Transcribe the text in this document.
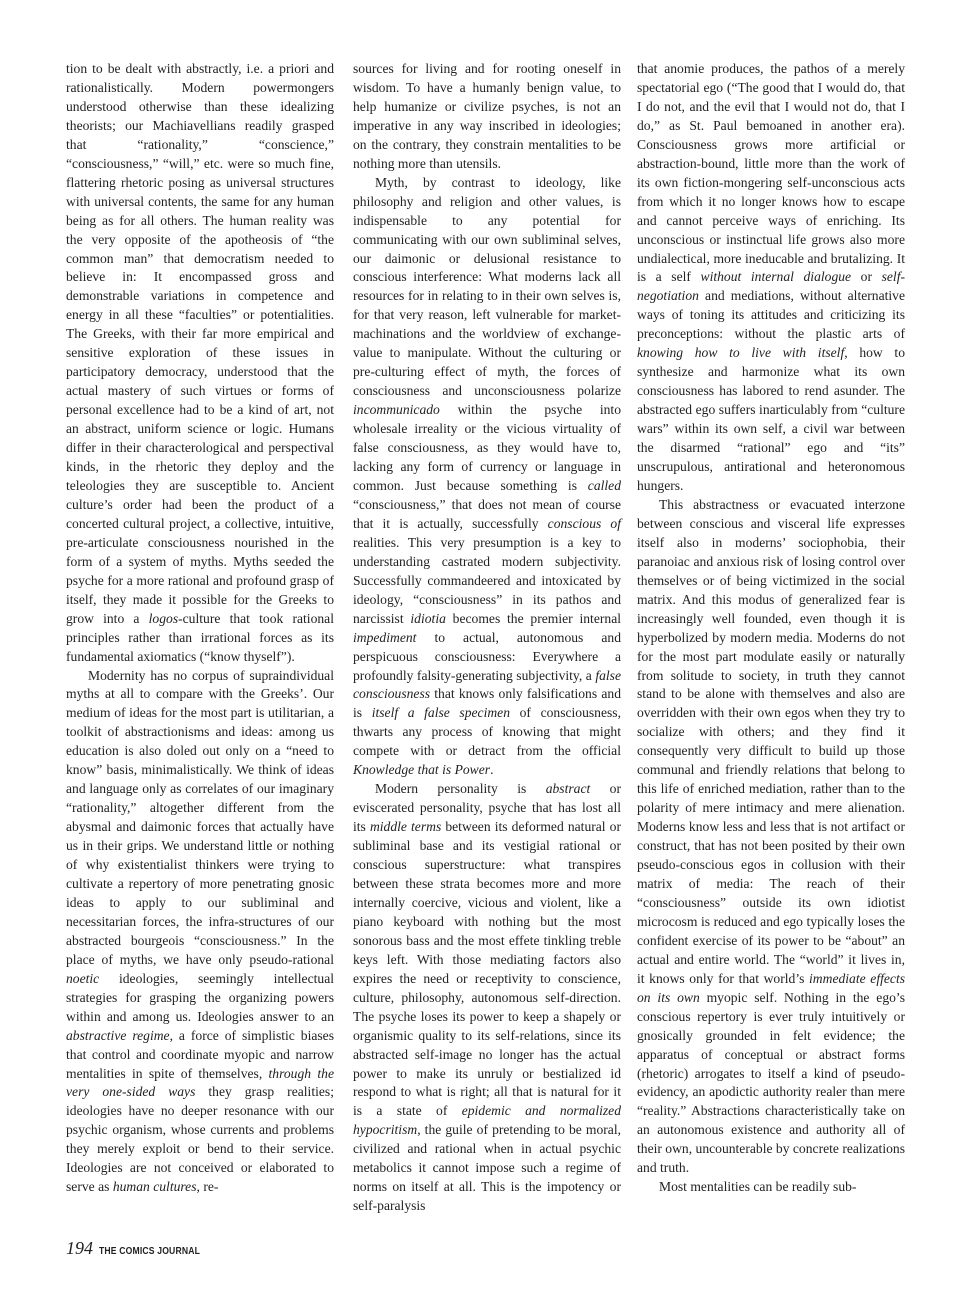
tion to be dealt with abstractly, i.e. a priori and rationalistically. Modern powermongers understood otherwise than these idealizing theorists; our Machiavellians readily grasped that “rationality,” “conscience,” “consciousness,” “will,” etc. were so much fine, flattering rhetoric posing as universal structures with universal contents, the same for any human being as for all others. The human reality was the very opposite of the apotheosis of “the common man” that democratism needed to believe in: It encompassed gross and demonstrable variations in competence and energy in all these “faculties” or potentialities. The Greeks, with their far more empirical and sensitive exploration of these issues in participatory democracy, understood that the actual mastery of such virtues or forms of personal excellence had to be a kind of art, not an abstract, uniform science or logic. Humans differ in their characterological and perspectival kinds, in the rhetoric they deploy and the teleologies they are susceptible to. Ancient culture’s order had been the product of a concerted cultural project, a collective, intuitive, pre-articulate consciousness nourished in the form of a system of myths. Myths seeded the psyche for a more rational and profound grasp of itself, they made it possible for the Greeks to grow into a logos-culture that took rational principles rather than irrational forces as its fundamental axiomatics (“know thyself”).

Modernity has no corpus of supraindividual myths at all to compare with the Greeks’. Our medium of ideas for the most part is utilitarian, a toolkit of abstractionisms and ideas: among us education is also doled out only on a “need to know” basis, minimalistically. We think of ideas and language only as correlates of our imaginary “rationality,” altogether different from the abysmal and daimonic forces that actually have us in their grips. We understand little or nothing of why existentialist thinkers were trying to cultivate a repertory of more penetrating gnosic ideas to apply to our subliminal and necessitarian forces, the infra-structures of our abstracted bourgeois “consciousness.” In the place of myths, we have only pseudo-rational noetic ideologies, seemingly intellectual strategies for grasping the organizing powers within and among us. Ideologies answer to an abstractive regime, a force of simplistic biases that control and coordinate myopic and narrow mentalities in spite of themselves, through the very one-sided ways they grasp realities; ideologies have no deeper resonance with our psychic organism, whose currents and problems they merely exploit or bend to their service. Ideologies are not conceived or elaborated to serve as human cultures, re-

sources for living and for rooting oneself in wisdom. To have a humanly benign value, to help humanize or civilize psyches, is not an imperative in any way inscribed in ideologies; on the contrary, they constrain mentalities to be nothing more than utensils.

Myth, by contrast to ideology, like philosophy and religion and other values, is indispensable to any potential for communicating with our own subliminal selves, our daimonic or delusional resistance to conscious interference: What moderns lack all resources for in relating to in their own selves is, for that very reason, left vulnerable for market-machinations and the worldview of exchange-value to manipulate. Without the culturing or pre-culturing effect of myth, the forces of consciousness and unconsciousness polarize incommunicado within the psyche into wholesale irreality or the vicious virtuality of false consciousness, as they would have to, lacking any form of currency or language in common. Just because something is called “consciousness,” that does not mean of course that it is actually, successfully conscious of realities. This very presumption is a key to understanding castrated modern subjectivity. Successfully commandeered and intoxicated by ideology, “consciousness” in its pathos and narcissist idiotia becomes the premier internal impediment to actual, autonomous and perspicuous consciousness: Everywhere a profoundly falsity-generating subjectivity, a false consciousness that knows only falsifications and is itself a false specimen of consciousness, thwarts any process of knowing that might compete with or detract from the official Knowledge that is Power.

Modern personality is abstract or eviscerated personality, psyche that has lost all its middle terms between its deformed natural or subliminal base and its vestigial rational or conscious superstructure: what transpires between these strata becomes more and more internally coercive, vicious and violent, like a piano keyboard with nothing but the most sonorous bass and the most effete tinkling treble keys left. With those mediating factors also expires the need or receptivity to conscience, culture, philosophy, autonomous self-direction. The psyche loses its power to keep a shapely or organismic quality to its self-relations, since its abstracted self-image no longer has the actual power to make its unruly or bestialized id respond to what is right; all that is natural for it is a state of epidemic and normalized hypocritism, the guile of pretending to be moral, civilized and rational when in actual psychic metabolics it cannot impose such a regime of norms on itself at all. This is the impotency or self-paralysis

that anomie produces, the pathos of a merely spectatorial ego (“The good that I would do, that I do not, and the evil that I would not do, that I do,” as St. Paul bemoaned in another era). Consciousness grows more artificial or abstraction-bound, little more than the work of its own fiction-mongering self-unconscious acts from which it no longer knows how to escape and cannot perceive ways of enriching. Its unconscious or instinctual life grows also more undialectical, more ineducable and brutalizing. It is a self without internal dialogue or self-negotiation and mediations, without alternative ways of toning its attitudes and criticizing its preconceptions: without the plastic arts of knowing how to live with itself, how to synthesize and harmonize what its own consciousness has labored to rend asunder. The abstracted ego suffers inarticulably from “culture wars” within its own self, a civil war between the disarmed “rational” ego and “its” unscrupulous, antirational and heteronomous hungers.

This abstractness or evacuated interzone between conscious and visceral life expresses itself also in moderns’ sociophobia, their paranoiac and anxious risk of losing control over themselves or of being victimized in the social matrix. And this modus of generalized fear is increasingly well founded, even though it is hyperbolized by modern media. Moderns do not for the most part modulate easily or naturally from solitude to society, in truth they cannot stand to be alone with themselves and also are overridden with their own egos when they try to socialize with others; and they find it consequently very difficult to build up those communal and friendly relations that belong to this life of enriched mediation, rather than to the polarity of mere intimacy and mere alienation. Moderns know less and less that is not artifact or construct, that has not been posited by their own pseudo-conscious egos in collusion with their matrix of media: The reach of their “consciousness” outside its own idiotist microcosm is reduced and ego typically loses the confident exercise of its power to be “about” an actual and entire world. The “world” it lives in, it knows only for that world’s immediate effects on its own myopic self. Nothing in the ego’s conscious repertory is ever truly intuitively or gnosically grounded in felt evidence; the apparatus of conceptual or abstract forms (rhetoric) arrogates to itself a kind of pseudo-evidency, an apodictic authority realer than mere “reality.” Abstractions characteristically take on an autonomous existence and authority all of their own, uncounterable by concrete realizations and truth.

Most mentalities can be readily sub-

194 THE COMICS JOURNAL
